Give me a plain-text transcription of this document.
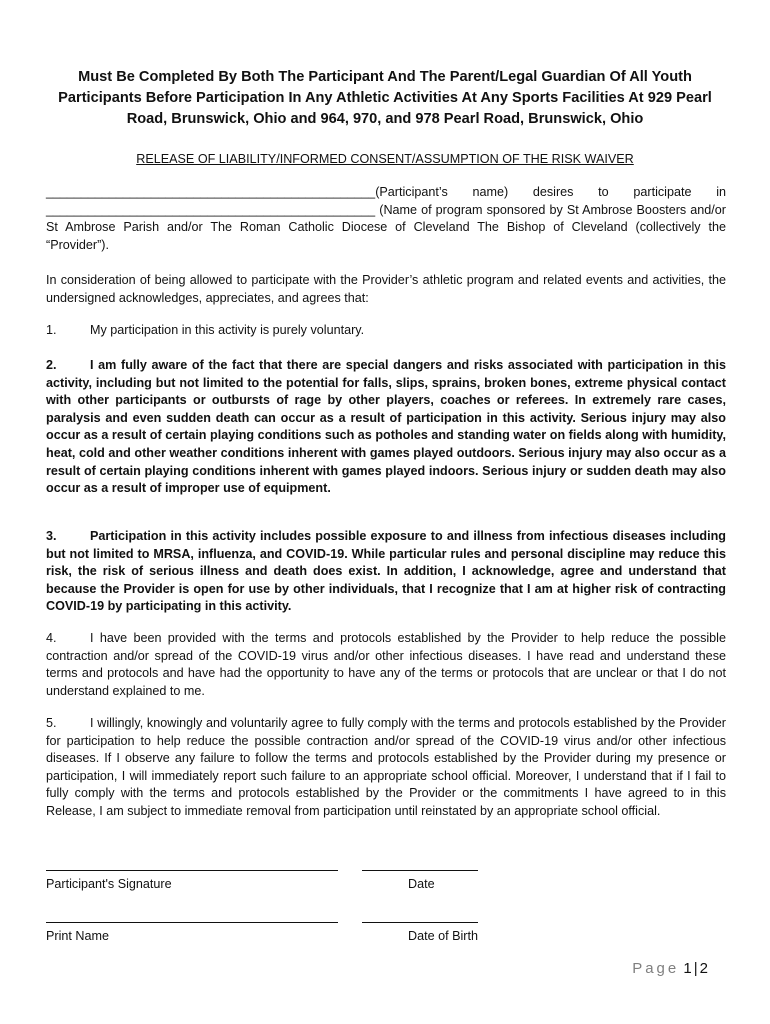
Must Be Completed By Both The Participant And The Parent/Legal Guardian Of All Youth Participants Before Participation In Any Athletic Activities At Any Sports Facilities At 929 Pearl Road, Brunswick, Ohio and 964, 970, and 978 Pearl Road, Brunswick, Ohio
RELEASE OF LIABILITY/INFORMED CONSENT/ASSUMPTION OF THE RISK WAIVER
_______________________________________________(Participant’s name) desires to participate in _______________________________________________ (Name of program sponsored by St Ambrose Boosters and/or St Ambrose Parish and/or The Roman Catholic Diocese of Cleveland The Bishop of Cleveland (collectively the “Provider”).
In consideration of being allowed to participate with the Provider’s athletic program and related events and activities, the undersigned acknowledges, appreciates, and agrees that:
1.	My participation in this activity is purely voluntary.
2.	I am fully aware of the fact that there are special dangers and risks associated with participation in this activity, including but not limited to the potential for falls, slips, sprains, broken bones, extreme physical contact with other participants or outbursts of rage by other players, coaches or referees. In extremely rare cases, paralysis and even sudden death can occur as a result of participation in this activity. Serious injury may also occur as a result of certain playing conditions such as potholes and standing water on fields along with humidity, heat, cold and other weather conditions inherent with games played outdoors. Serious injury may also occur as a result of certain playing conditions inherent with games played indoors. Serious injury or sudden death may also occur as a result of improper use of equipment.
3.	Participation in this activity includes possible exposure to and illness from infectious diseases including but not limited to MRSA, influenza, and COVID-19. While particular rules and personal discipline may reduce this risk, the risk of serious illness and death does exist. In addition, I acknowledge, agree and understand that because the Provider is open for use by other individuals, that I recognize that I am at higher risk of contracting COVID-19 by participating in this activity.
4.	I have been provided with the terms and protocols established by the Provider to help reduce the possible contraction and/or spread of the COVID-19 virus and/or other infectious diseases. I have read and understand these terms and protocols and have had the opportunity to have any of the terms or protocols that are unclear or that I do not understand explained to me.
5.	I willingly, knowingly and voluntarily agree to fully comply with the terms and protocols established by the Provider for participation to help reduce the possible contraction and/or spread of the COVID-19 virus and/or other infectious diseases. If I observe any failure to follow the terms and protocols established by the Provider during my presence or participation, I will immediately report such failure to an appropriate school official. Moreover, I understand that if I fail to fully comply with the terms and protocols established by the Provider or the commitments I have agreed to in this Release, I am subject to immediate removal from participation until reinstated by an appropriate school official.
Participant's Signature	Date
Print Name	Date of Birth
Page 1 | 2
